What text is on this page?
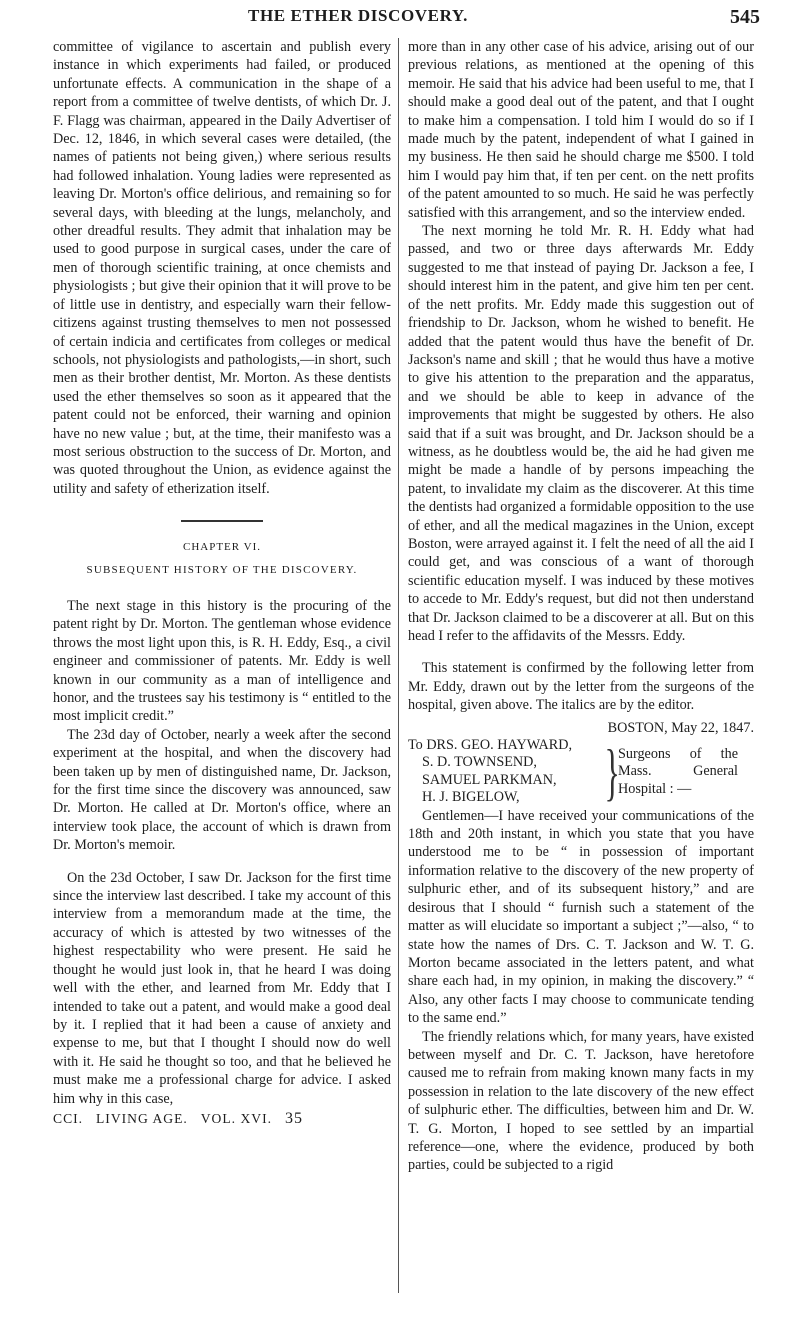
THE ETHER DISCOVERY.	545

committee of vigilance to ascertain and publish every instance in which experiments had failed, or produced unfortunate effects. A communication in the shape of a report from a committee of twelve dentists, of which Dr. J. F. Flagg was chairman, appeared in the Daily Advertiser of Dec. 12, 1846, in which several cases were detailed, (the names of patients not being given,) where serious results had followed inhalation. Young ladies were represented as leaving Dr. Morton's office delirious, and remaining so for several days, with bleeding at the lungs, melancholy, and other dreadful results. They admit that inhalation may be used to good purpose in surgical cases, under the care of men of thorough scientific training, at once chemists and physiologists ; but give their opinion that it will prove to be of little use in dentistry, and especially warn their fellow-citizens against trusting themselves to men not possessed of certain indicia and certificates from colleges or medical schools, not physiologists and pathologists,—in short, such men as their brother dentist, Mr. Morton. As these dentists used the ether themselves so soon as it appeared that the patent could not be enforced, their warning and opinion have no new value ; but, at the time, their manifesto was a most serious obstruction to the success of Dr. Morton, and was quoted throughout the Union, as evidence against the utility and safety of etherization itself.

CHAPTER VI.
SUBSEQUENT HISTORY OF THE DISCOVERY.

The next stage in this history is the procuring of the patent right by Dr. Morton. The gentleman whose evidence throws the most light upon this, is R. H. Eddy, Esq., a civil engineer and commissioner of patents. Mr. Eddy is well known in our community as a man of intelligence and honor, and the trustees say his testimony is “ entitled to the most implicit credit.”

The 23d day of October, nearly a week after the second experiment at the hospital, and when the discovery had been taken up by men of distinguished name, Dr. Jackson, for the first time since the discovery was announced, saw Dr. Morton. He called at Dr. Morton's office, where an interview took place, the account of which is drawn from Dr. Morton's memoir.

On the 23d October, I saw Dr. Jackson for the first time since the interview last described. I take my account of this interview from a memorandum made at the time, the accuracy of which is attested by two witnesses of the highest respectability who were present. He said he thought he would just look in, that he heard I was doing well with the ether, and learned from Mr. Eddy that I intended to take out a patent, and would make a good deal by it. I replied that it had been a cause of anxiety and expense to me, but that I thought I should now do well with it. He said he thought so too, and that he believed he must make me a professional charge for advice. I asked him why in this case,

CCI. LIVING AGE. VOL. XVI. 35

more than in any other case of his advice, arising out of our previous relations, as mentioned at the opening of this memoir. He said that his advice had been useful to me, that I should make a good deal out of the patent, and that I ought to make him a compensation. I told him I would do so if I made much by the patent, independent of what I gained in my business. He then said he should charge me $500. I told him I would pay him that, if ten per cent. on the nett profits of the patent amounted to so much. He said he was perfectly satisfied with this arrangement, and so the interview ended.

The next morning he told Mr. R. H. Eddy what had passed, and two or three days afterwards Mr. Eddy suggested to me that instead of paying Dr. Jackson a fee, I should interest him in the patent, and give him ten per cent. of the nett profits. Mr. Eddy made this suggestion out of friendship to Dr. Jackson, whom he wished to benefit. He added that the patent would thus have the benefit of Dr. Jackson's name and skill ; that he would thus have a motive to give his attention to the preparation and the apparatus, and we should be able to keep in advance of the improvements that might be suggested by others. He also said that if a suit was brought, and Dr. Jackson should be a witness, as he doubtless would be, the aid he had given me might be made a handle of by persons impeaching the patent, to invalidate my claim as the discoverer. At this time the dentists had organized a formidable opposition to the use of ether, and all the medical magazines in the Union, except Boston, were arrayed against it. I felt the need of all the aid I could get, and was conscious of a want of thorough scientific education myself. I was induced by these motives to accede to Mr. Eddy's request, but did not then understand that Dr. Jackson claimed to be a discoverer at all. But on this head I refer to the affidavits of the Messrs. Eddy.

This statement is confirmed by the following letter from Mr. Eddy, drawn out by the letter from the surgeons of the hospital, given above. The italics are by the editor.

BOSTON, May 22, 1847.
To DRS. GEO. HAYWARD,
S. D. TOWNSEND,
SAMUEL PARKMAN,
H. J. BIGELOW,	}
Surgeons of the Mass. General Hospital : —

Gentlemen—I have received your communications of the 18th and 20th instant, in which you state that you have understood me to be “ in possession of important information relative to the discovery of the new property of sulphuric ether, and of its subsequent history,” and are desirous that I should “ furnish such a statement of the matter as will elucidate so important a subject ;”—also, “ to state how the names of Drs. C. T. Jackson and W. T. G. Morton became associated in the letters patent, and what share each had, in my opinion, in making the discovery.” “ Also, any other facts I may choose to communicate tending to the same end.”

The friendly relations which, for many years, have existed between myself and Dr. C. T. Jackson, have heretofore caused me to refrain from making known many facts in my possession in relation to the late discovery of the new effect of sulphuric ether. The difficulties, between him and Dr. W. T. G. Morton, I hoped to see settled by an impartial reference—one, where the evidence, produced by both parties, could be subjected to a rigid
